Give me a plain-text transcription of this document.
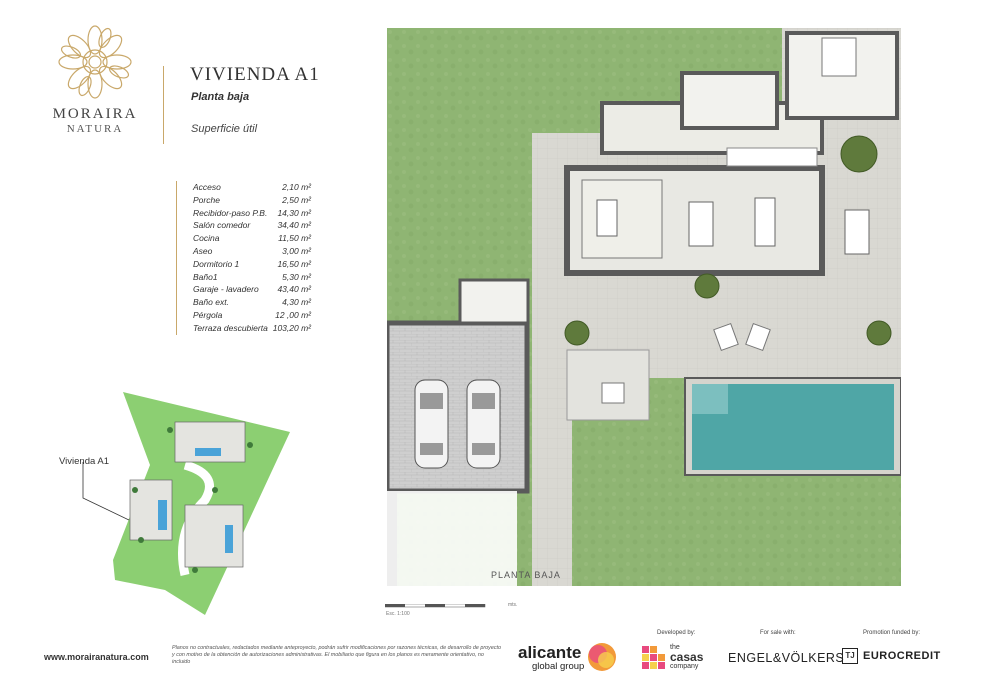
MORAIRA
NATURA
VIVIENDA A1
Planta baja
Superficie útil
Acceso	2,10 m²
Porche	2,50 m²
Recibidor-paso P.B. 14,30 m²
Salón comedor	34,40 m²
Cocina	11,50 m²
Aseo	3,00 m²
Dormitorio 1	16,50 m²
Baño1	5,30 m²
Garaje - lavadero 43,40 m²
Baño ext.	4,30 m²
Pérgola	12 ,00 m²
Terraza descubierta 103,20 m²
Vivienda A1
PLANTA BAJA
Esc. 1:100
mts.
www.morairanatura.com
Planos no contractuales, redactados mediante anteproyecto, podrán sufrir modificaciones por razones técnicas, de desarrollo de proyecto y con motivo de la obtención de autorizaciones administrativas. El mobiliario que figura en los planos es meramente orientativo, no incluido	alicante
global group
Developed by:
the
casas
company
For sale with:
ENGEL&VÖLKERS
Promotion funded by:
TJ EUROCREDIT
